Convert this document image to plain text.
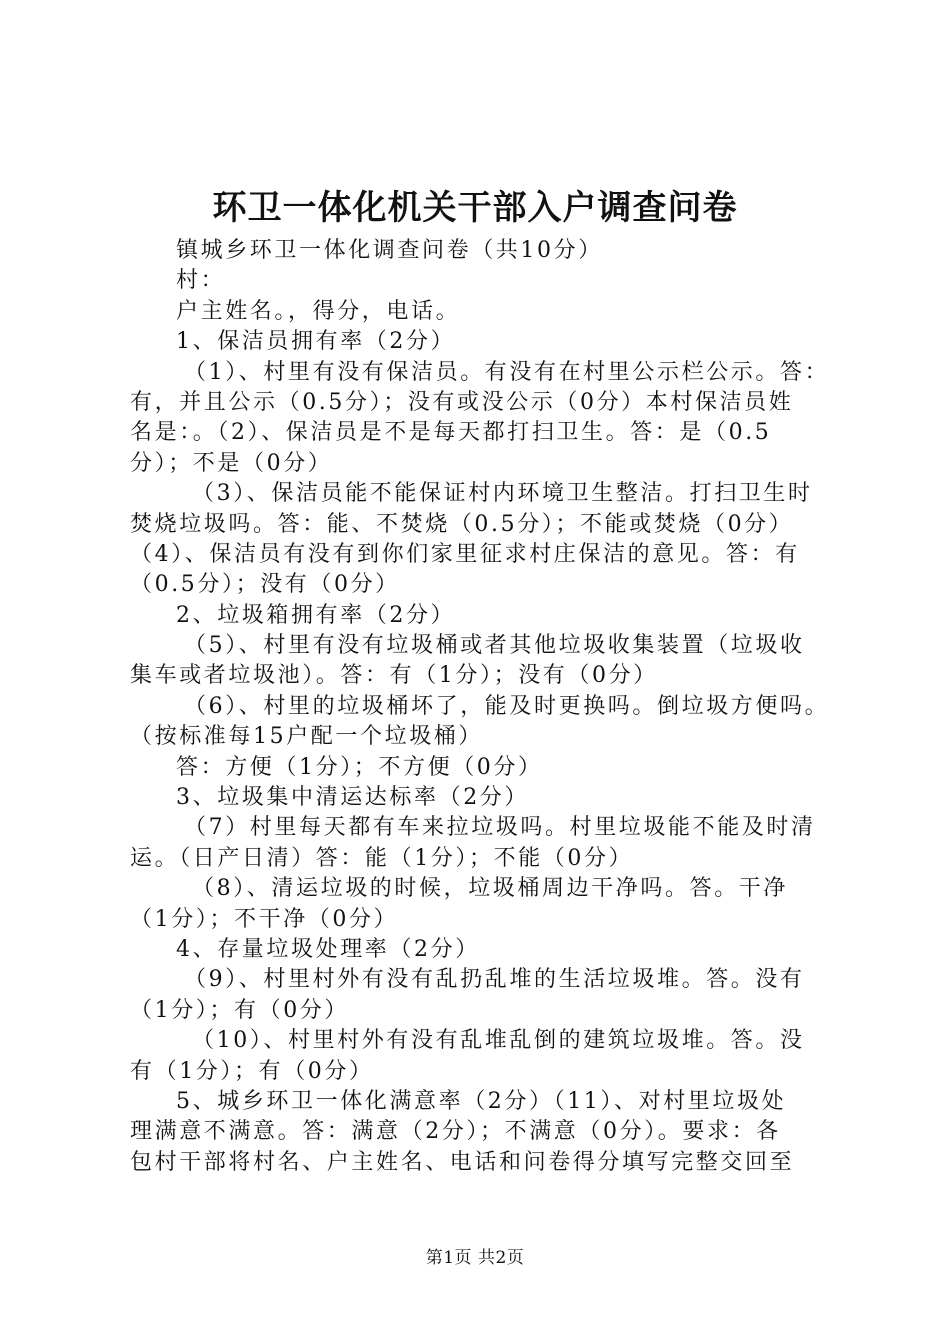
环卫一体化机关干部入户调查问卷
镇城乡环卫一体化调查问卷（共10分）
村：
户主姓名。，得分，电话。
1、保洁员拥有率（2分）
（1）、村里有没有保洁员。有没有在村里公示栏公示。答：
有，并且公示（0.5分）；没有或没公示（0分）本村保洁员姓
名是：。（2）、保洁员是不是每天都打扫卫生。答：是（0.5
分）；不是（0分）
（3）、保洁员能不能保证村内环境卫生整洁。打扫卫生时
焚烧垃圾吗。答：能、不焚烧（0.5分）；不能或焚烧（0分）
（4）、保洁员有没有到你们家里征求村庄保洁的意见。答：有
（0.5分）；没有（0分）
2、垃圾箱拥有率（2分）
（5）、村里有没有垃圾桶或者其他垃圾收集装置（垃圾收
集车或者垃圾池）。答：有（1分）；没有（0分）
（6）、村里的垃圾桶坏了，能及时更换吗。倒垃圾方便吗。
（按标准每15户配一个垃圾桶）
答：方便（1分）；不方便（0分）
3、垃圾集中清运达标率（2分）
（7）村里每天都有车来拉垃圾吗。村里垃圾能不能及时清
运。（日产日清）答：能（1分）；不能（0分）
（8）、清运垃圾的时候，垃圾桶周边干净吗。答。干净
（1分）；不干净（0分）
4、存量垃圾处理率（2分）
（9）、村里村外有没有乱扔乱堆的生活垃圾堆。答。没有
（1分）；有（0分）
（10）、村里村外有没有乱堆乱倒的建筑垃圾堆。答。没
有（1分）；有（0分）
5、城乡环卫一体化满意率（2分）（11）、对村里垃圾处
理满意不满意。答：满意（2分）；不满意（0分）。要求：各
包村干部将村名、户主姓名、电话和问卷得分填写完整交回至
第1页 共2页
